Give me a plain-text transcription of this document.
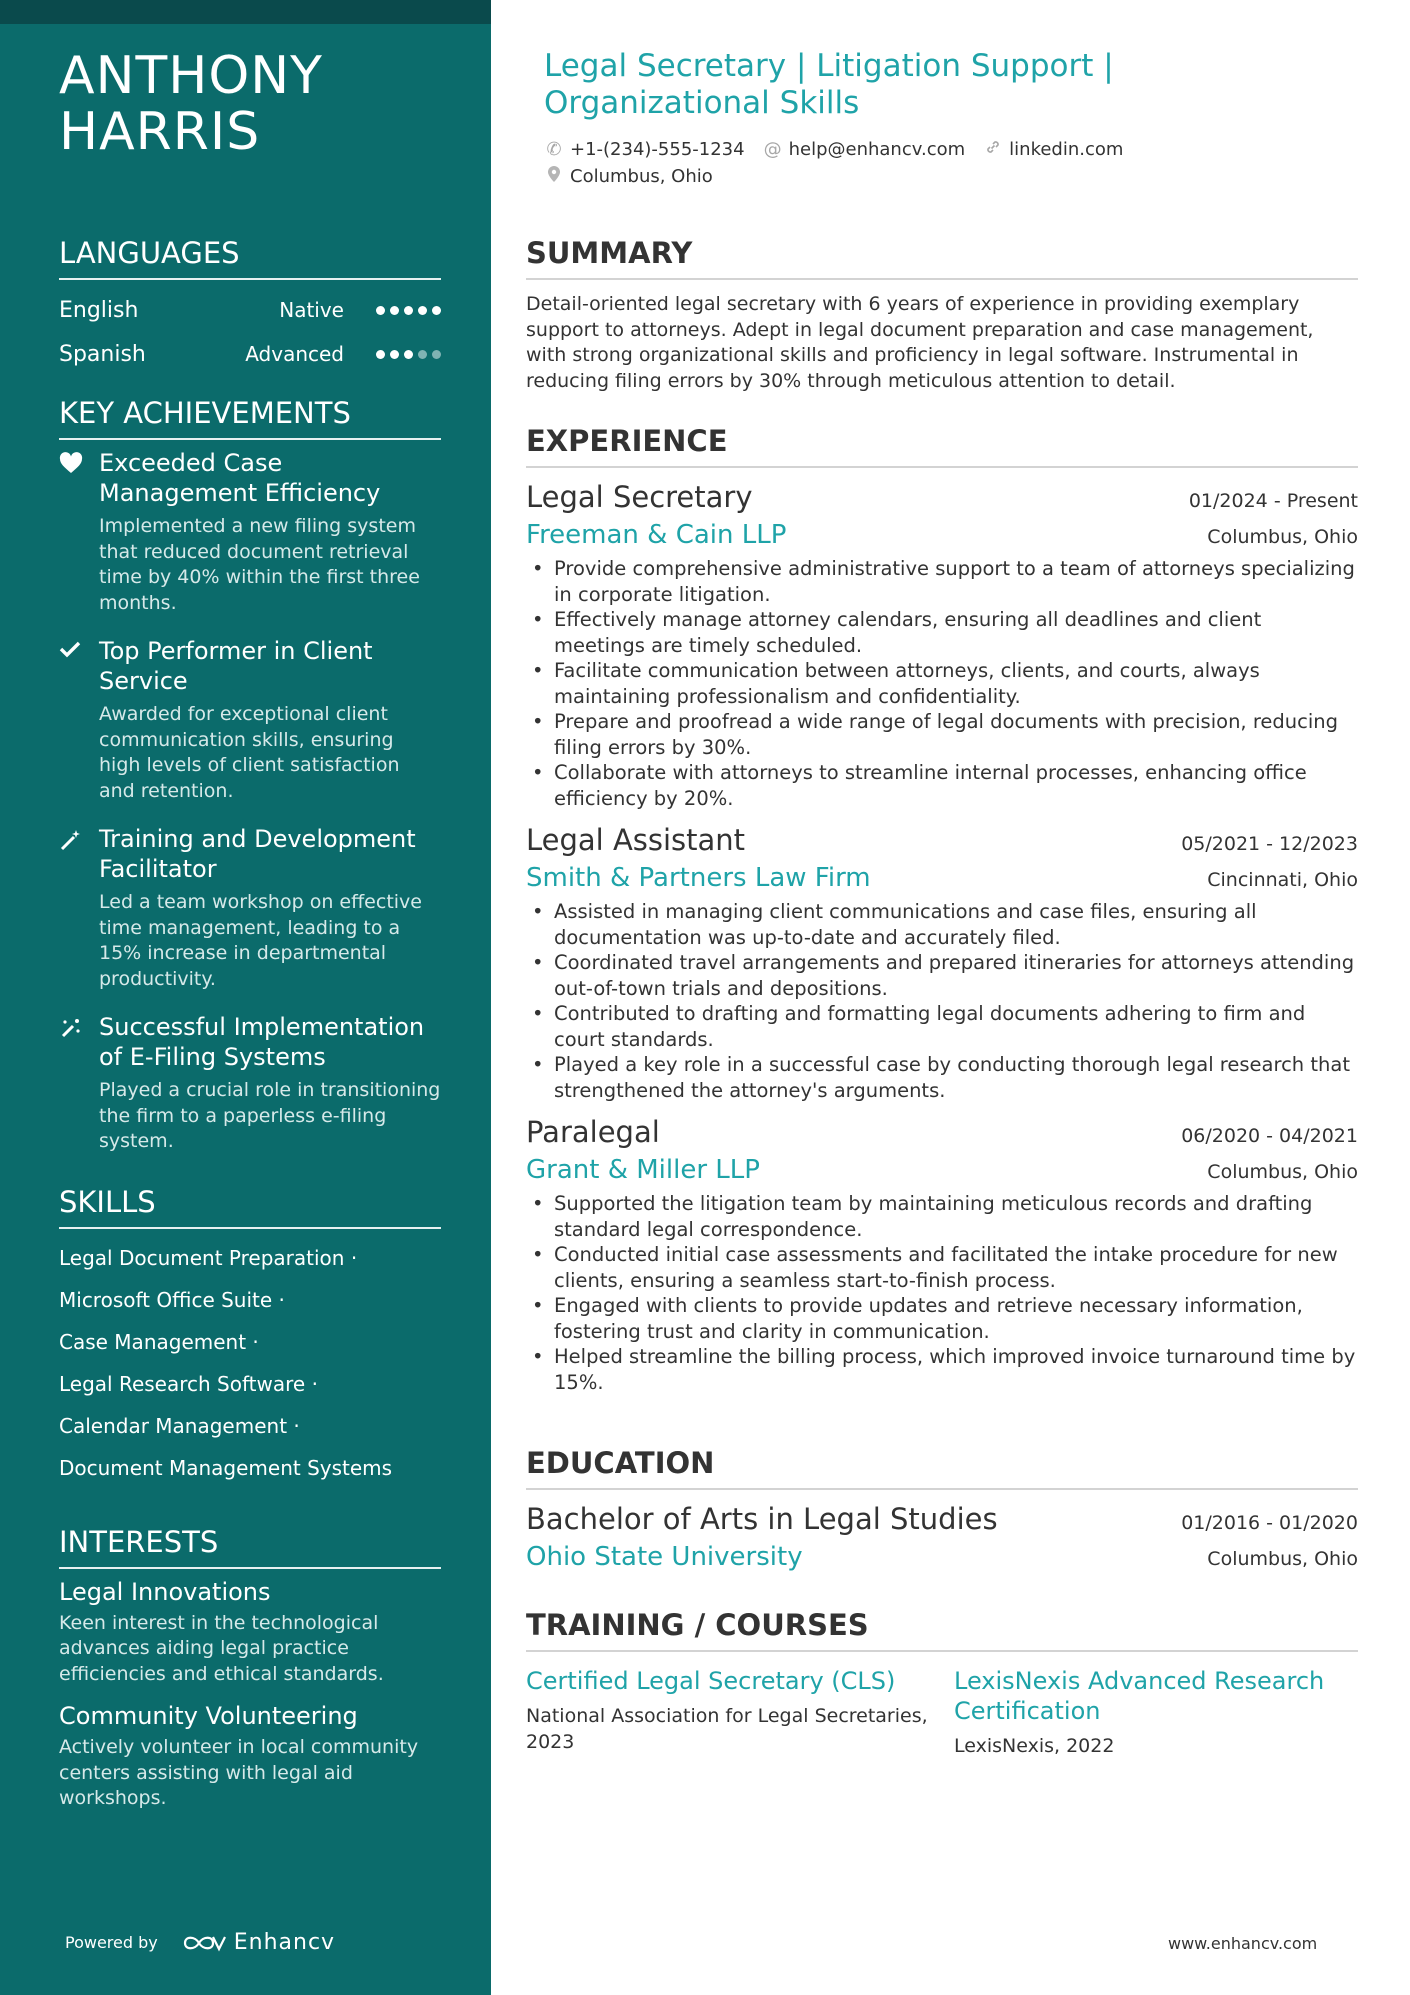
ANTHONY
HARRIS
LANGUAGES
English	Native
Spanish	Advanced
KEY ACHIEVEMENTS
Exceeded Case Management Efficiency
Implemented a new filing system that reduced document retrieval time by 40% within the first three months.
Top Performer in Client Service
Awarded for exceptional client communication skills, ensuring high levels of client satisfaction and retention.
Training and Development Facilitator
Led a team workshop on effective time management, leading to a 15% increase in departmental productivity.
Successful Implementation of E-Filing Systems
Played a crucial role in transitioning the firm to a paperless e-filing system.
SKILLS
Legal Document Preparation ·
Microsoft Office Suite ·
Case Management ·
Legal Research Software ·
Calendar Management ·
Document Management Systems
INTERESTS
Legal Innovations
Keen interest in the technological advances aiding legal practice efficiencies and ethical standards.
Community Volunteering
Actively volunteer in local community centers assisting with legal aid workshops.
Powered by	Enhancv
Legal Secretary | Litigation Support | Organizational Skills
✆ +1-(234)-555-1234 @ help@enhancv.com linkedin.com
Columbus, Ohio
SUMMARY

Detail-oriented legal secretary with 6 years of experience in providing exemplary support to attorneys. Adept in legal document preparation and case management, with strong organizational skills and proficiency in legal software. Instrumental in reducing filing errors by 30% through meticulous attention to detail.

EXPERIENCE
Legal Secretary	01/2024 - Present
Freeman & Cain LLP	Columbus, Ohio
• Provide comprehensive administrative support to a team of attorneys specializing in corporate litigation.
• Effectively manage attorney calendars, ensuring all deadlines and client meetings are timely scheduled.
• Facilitate communication between attorneys, clients, and courts, always maintaining professionalism and confidentiality.
• Prepare and proofread a wide range of legal documents with precision, reducing filing errors by 30%.
• Collaborate with attorneys to streamline internal processes, enhancing office efficiency by 20%.
Legal Assistant	05/2021 - 12/2023
Smith & Partners Law Firm	Cincinnati, Ohio
• Assisted in managing client communications and case files, ensuring all documentation was up-to-date and accurately filed.
• Coordinated travel arrangements and prepared itineraries for attorneys attending out-of-town trials and depositions.
• Contributed to drafting and formatting legal documents adhering to firm and court standards.
• Played a key role in a successful case by conducting thorough legal research that strengthened the attorney's arguments.
Paralegal	06/2020 - 04/2021
Grant & Miller LLP	Columbus, Ohio
• Supported the litigation team by maintaining meticulous records and drafting standard legal correspondence.
• Conducted initial case assessments and facilitated the intake procedure for new clients, ensuring a seamless start-to-finish process.
• Engaged with clients to provide updates and retrieve necessary information, fostering trust and clarity in communication.
• Helped streamline the billing process, which improved invoice turnaround time by 15%.
EDUCATION
Bachelor of Arts in Legal Studies	01/2016 - 01/2020
Ohio State University	Columbus, Ohio
TRAINING / COURSES
Certified Legal Secretary (CLS)
National Association for Legal Secretaries, 2023
LexisNexis Advanced Research Certification
LexisNexis, 2022
www.enhancv.com
